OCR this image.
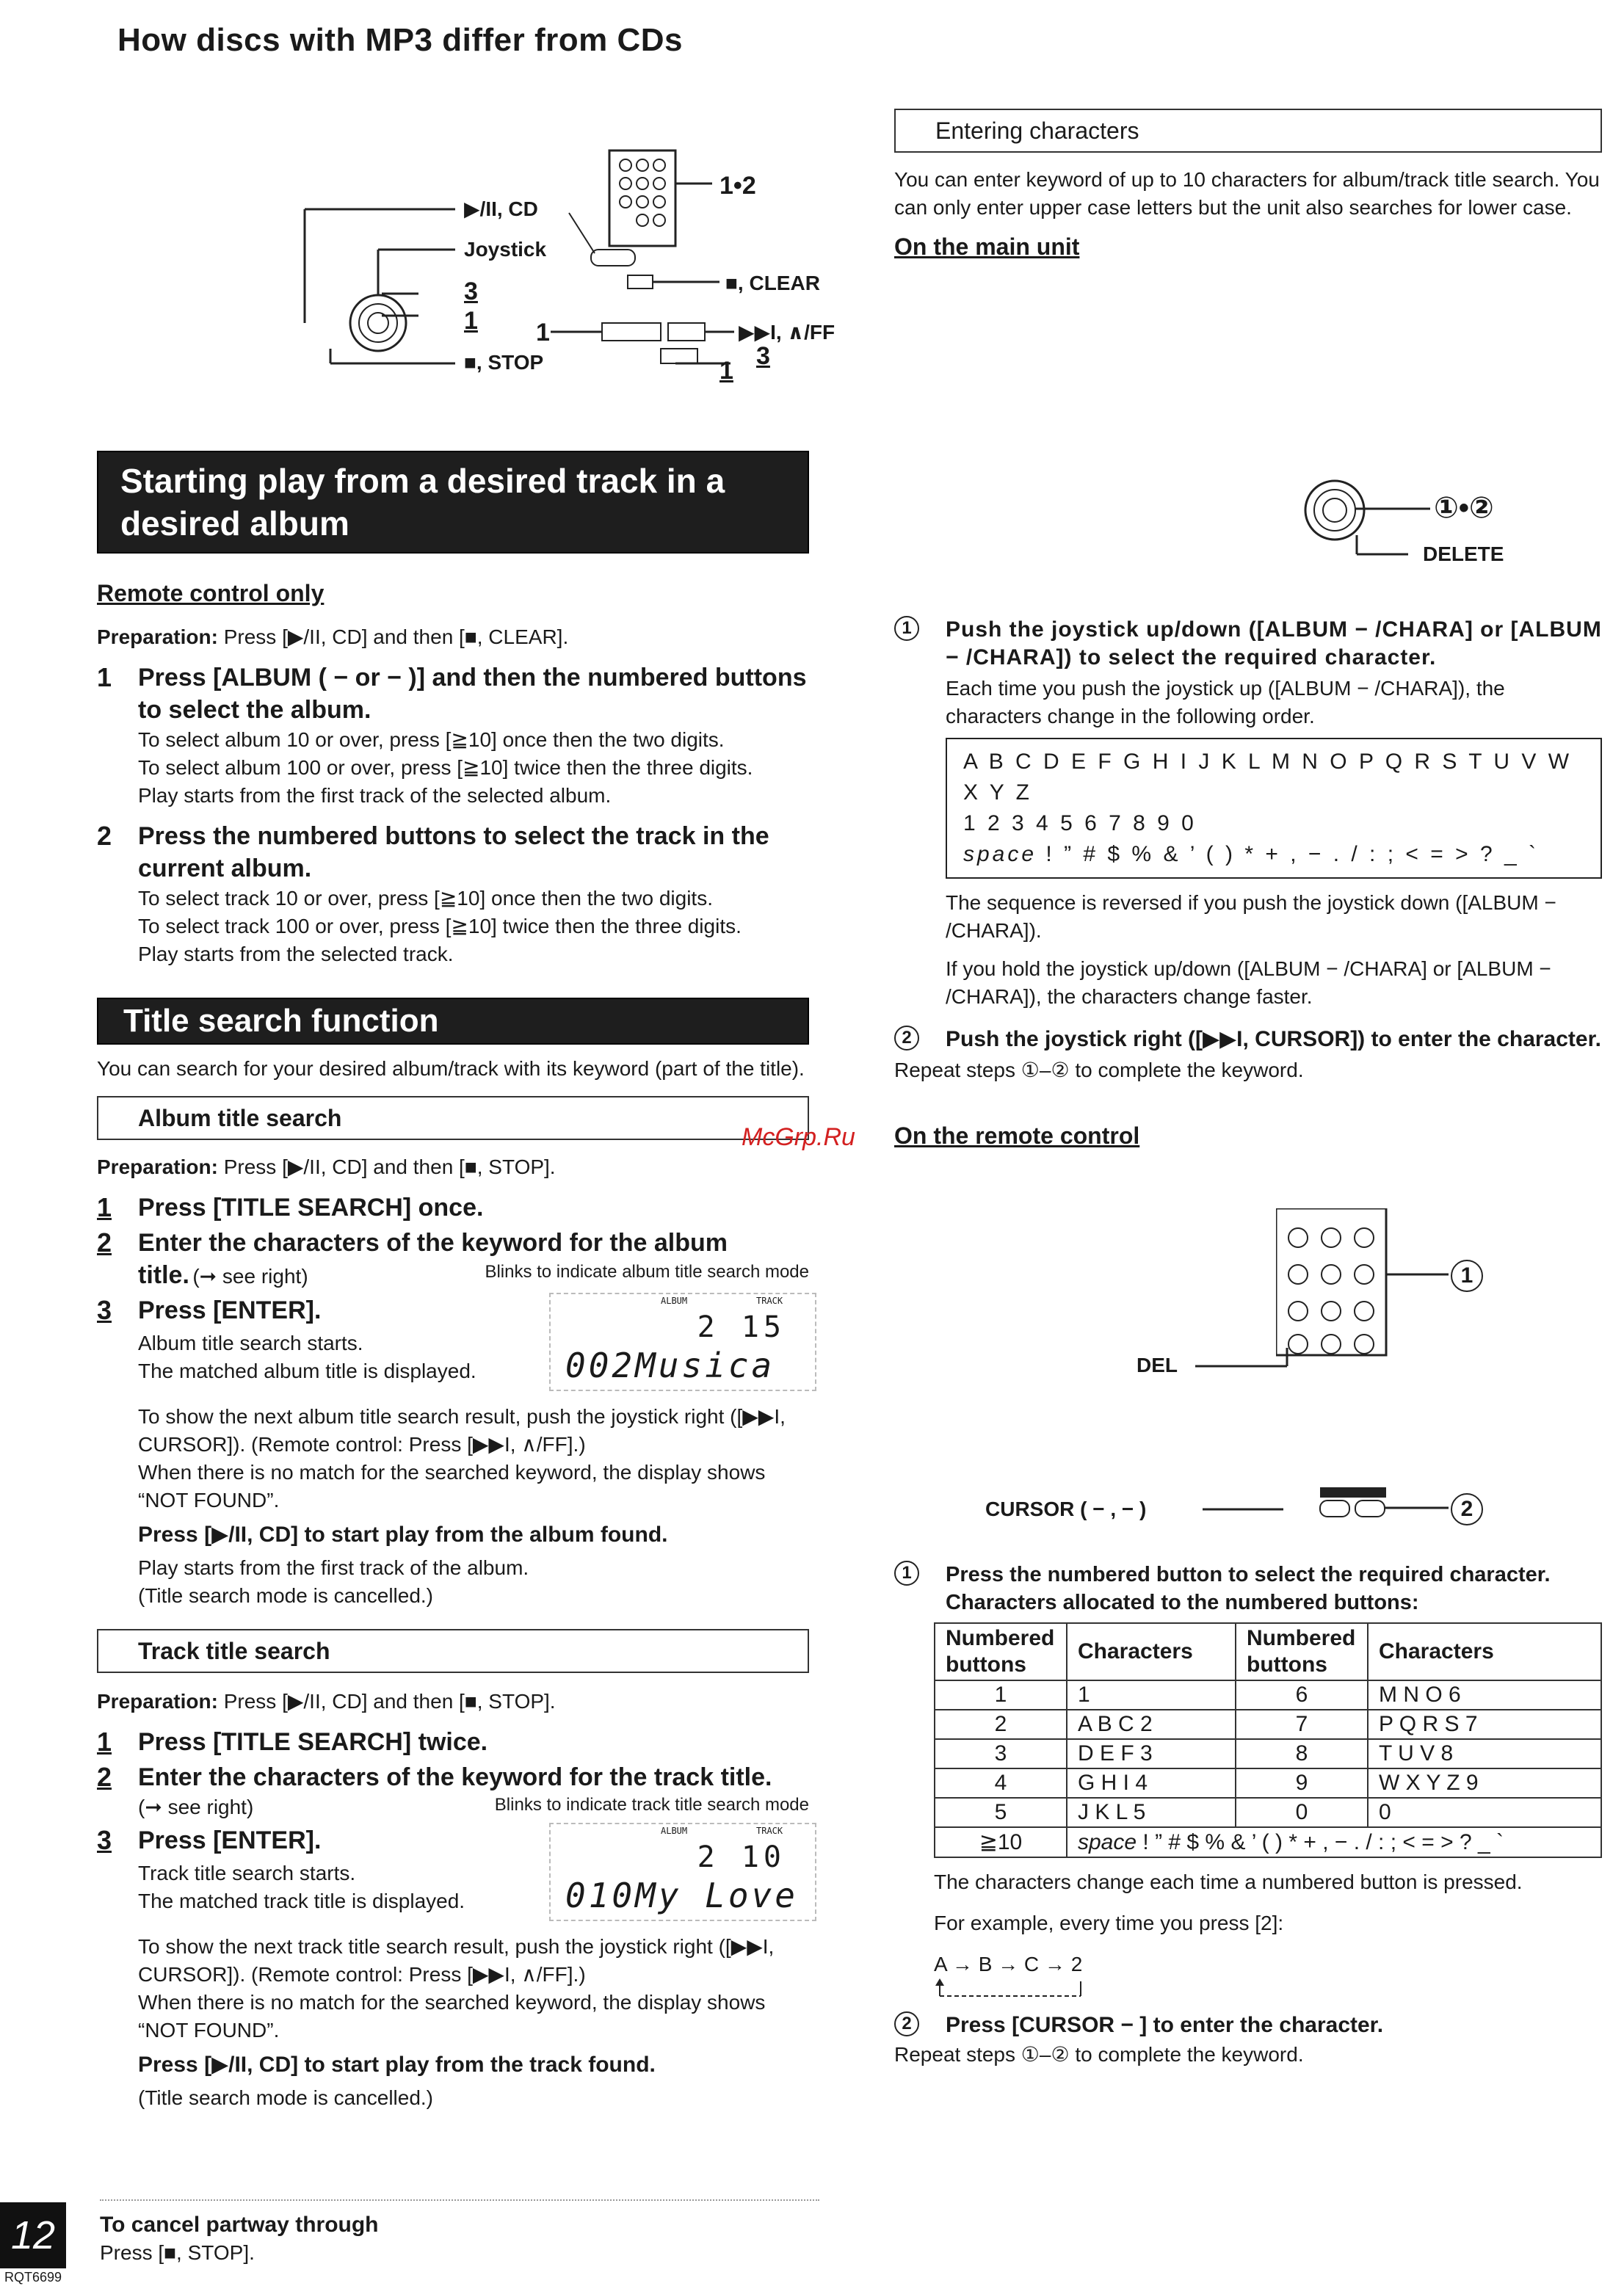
How discs with MP3 differ from CDs
▶/II, CD
Joystick
3
1
■, STOP
1•2
■, CLEAR
1	▶▶I, ∧/FF
3
1
Starting play from a desired track in a
desired album
Remote control only
Preparation: Press [▶/II, CD] and then [■, CLEAR].
1	Press [ALBUM ( − or − )] and then the numbered buttons to select the album.
To select album 10 or over, press [≧10] once then the two digits.
To select album 100 or over, press [≧10] twice then the three digits.
Play starts from the first track of the selected album.
2	Press the numbered buttons to select the track in the current album.
To select track 10 or over, press [≧10] once then the two digits.
To select track 100 or over, press [≧10] twice then the three digits.
Play starts from the selected track.
Title search function
You can search for your desired album/track with its keyword (part of the title).
Album title search
Preparation: Press [▶/II, CD] and then [■, STOP].
1	Press [TITLE SEARCH] once.
2	Enter the characters of the keyword for the album
title. (➞ see right)	Blinks to indicate album title search mode
3	Press [ENTER].
Album title search starts.
The matched album title is displayed.
ALBUM	TRACK
2 15
002Musica
To show the next album title search result, push the joystick right ([▶▶I, CURSOR]). (Remote control: Press [▶▶I, ∧/FF].)
When there is no match for the searched keyword, the display shows “NOT FOUND”.
Press [▶/II, CD] to start play from the album found.
Play starts from the first track of the album.
(Title search mode is cancelled.)
Track title search
Preparation: Press [▶/II, CD] and then [■, STOP].
1	Press [TITLE SEARCH] twice.
2	Enter the characters of the keyword for the track title.
(➞ see right)	Blinks to indicate track title search mode
3	Press [ENTER].
Track title search starts.
The matched track title is displayed.
ALBUM	TRACK
2 10
010My Love
To show the next track title search result, push the joystick right ([▶▶I, CURSOR]). (Remote control: Press [▶▶I, ∧/FF].)
When there is no match for the searched keyword, the display shows “NOT FOUND”.
Press [▶/II, CD] to start play from the track found.
(Title search mode is cancelled.)
To cancel partway through
Press [■, STOP].
12
RQT6699
McGrp.Ru
Entering characters
You can enter keyword of up to 10 characters for album/track title search. You can only enter upper case letters but the unit also searches for lower case.
On the main unit
①•②
DELETE
1	Push the joystick up/down ([ALBUM − /CHARA] or [ALBUM − /CHARA]) to select the required character.
Each time you push the joystick up ([ALBUM − /CHARA]), the characters change in the following order.
A B C D E F G H I J K L M N O P Q R S T U V W X Y Z
1 2 3 4 5 6 7 8 9 0
space ! ” # $ % & ’ ( ) * + , − . / : ; < = > ? _ `
The sequence is reversed if you push the joystick down ([ALBUM − /CHARA]).
If you hold the joystick up/down ([ALBUM − /CHARA] or [ALBUM − /CHARA]), the characters change faster.
2	Push the joystick right ([▶▶I, CURSOR]) to enter the character.
Repeat steps ①–② to complete the keyword.
On the remote control
DEL
CURSOR ( − , − )
1
2
1	Press the numbered button to select the required character.
Characters allocated to the numbered buttons:
Numbered buttons	Characters	Numbered buttons	Characters
1	1	6	M N O 6
2	A B C 2	7	P Q R S 7
3	D E F 3	8	T U V 8
4	G H I 4	9	W X Y Z 9
5	J K L 5	0	0
≧10	space ! ” # $ % & ’ ( ) * + , − . / : ; < = > ? _ `		
The characters change each time a numbered button is pressed.
For example, every time you press [2]:
A → B → C → 2
2	Press [CURSOR − ] to enter the character.
Repeat steps ①–② to complete the keyword.
